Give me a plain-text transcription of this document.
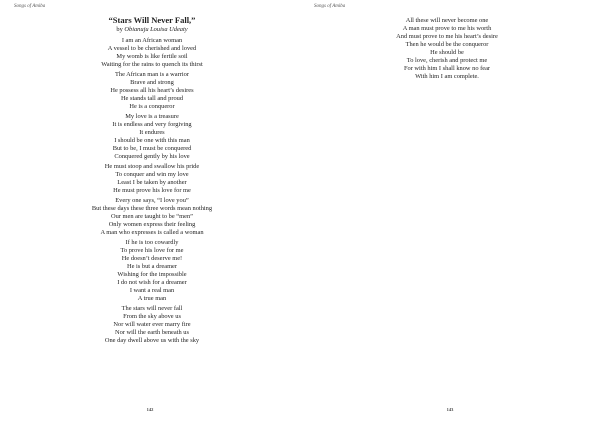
Songs of Amiba
“Stars Will Never Fall,”
by Obianuju Louisa Udeaty
I am an African woman
A vessel to be cherished and loved
My womb is like fertile soil
Waiting for the rains to quench its thirst
The African man is a warrior
Brave and strong
He possess all his heart’s desires
He stands tall and proud
He is a conqueror
My love is a treasure
It is endless and very forgiving
It endures
I should be one with this man
But to be, I must be conquered
Conquered gently by his love
He must stoop and swallow his pride
To conquer and win my love
Least I be taken by another
He must prove his love for me
Every one says, “I love you”
But these days these three words mean nothing
Our men are taught to be “men”
Only women express their feeling
A man who expresses is called a woman
If he is too cowardly
To prove his love for me
He doesn’t deserve me!
He is but a dreamer
Wishing for the impossible
I do not wish for a dreamer
I want a real man
A true man
The stars will never fall
From the sky above us
Nor will water ever marry fire
Nor will the earth beneath us
One day dwell above us with the sky
142
Songs of Amiba
All these will never become one
A man must prove to me his worth
And must prove to me his heart’s desire
Then he would be the conqueror
He should be
To love, cherish and protect me
For with him I shall know no fear
With him I am complete.
143
